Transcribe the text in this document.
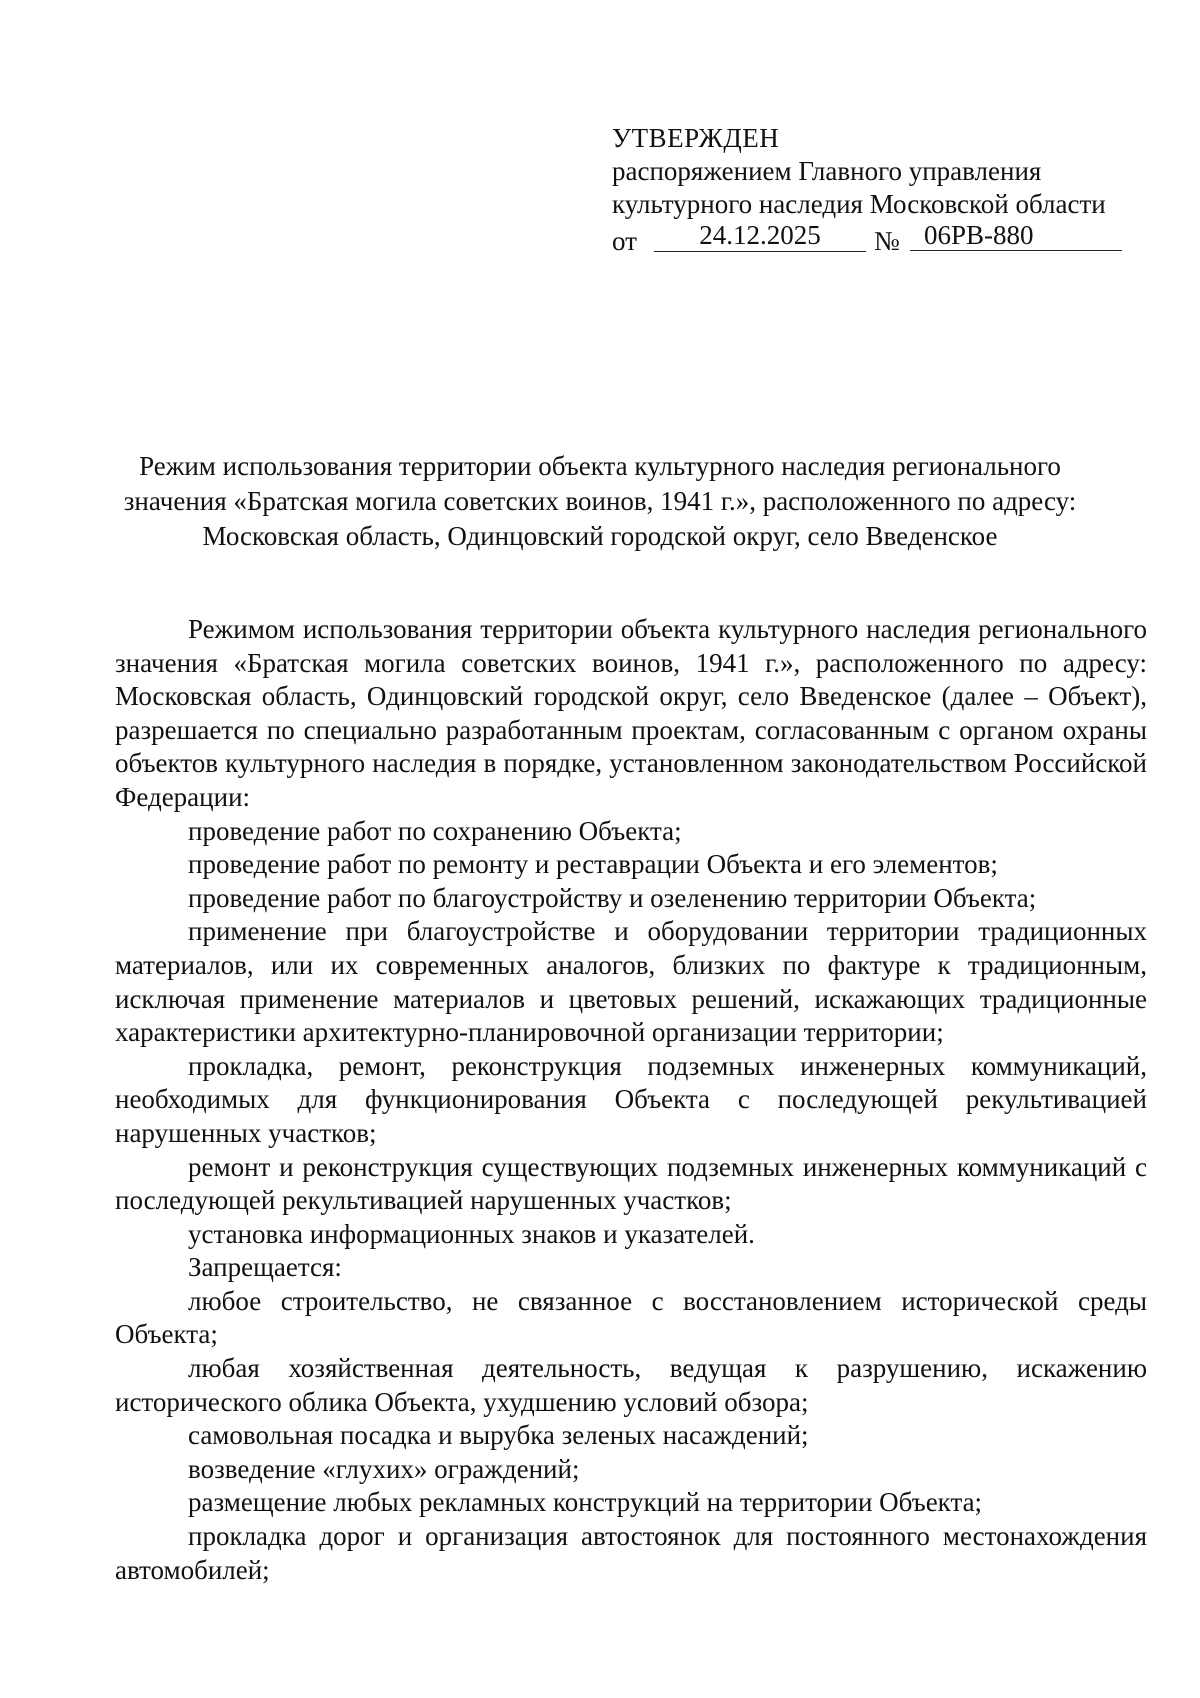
УТВЕРЖДЕН
распоряжением Главного управления
культурного наследия Московской области
от	24.12.2025	№ 06РВ-880
Режим использования территории объекта культурного наследия регионального
значения «Братская могила советских воинов, 1941 г.», расположенного по адресу:
Московская область, Одинцовский городской округ, село Введенское

Режимом использования территории объекта культурного наследия регионального значения «Братская могила советских воинов, 1941 г.», расположенного по адресу: Московская область, Одинцовский городской округ, село Введенское (далее – Объект), разрешается по специально разработанным проектам, согласованным с органом охраны объектов культурного наследия в порядке, установленном законодательством Российской Федерации:

проведение работ по сохранению Объекта;

проведение работ по ремонту и реставрации Объекта и его элементов;

проведение работ по благоустройству и озеленению территории Объекта;

применение при благоустройстве и оборудовании территории традиционных материалов, или их современных аналогов, близких по фактуре к традиционным, исключая применение материалов и цветовых решений, искажающих традиционные характеристики архитектурно-планировочной организации территории;

прокладка, ремонт, реконструкция подземных инженерных коммуникаций, необходимых для функционирования Объекта с последующей рекультивацией нарушенных участков;

ремонт и реконструкция существующих подземных инженерных коммуникаций с последующей рекультивацией нарушенных участков;

установка информационных знаков и указателей.

Запрещается:

любое строительство, не связанное с восстановлением исторической среды Объекта;

любая хозяйственная деятельность, ведущая к разрушению, искажению исторического облика Объекта, ухудшению условий обзора;

самовольная посадка и вырубка зеленых насаждений;

возведение «глухих» ограждений;

размещение любых рекламных конструкций на территории Объекта;

прокладка дорог и организация автостоянок для постоянного местонахождения автомобилей;
